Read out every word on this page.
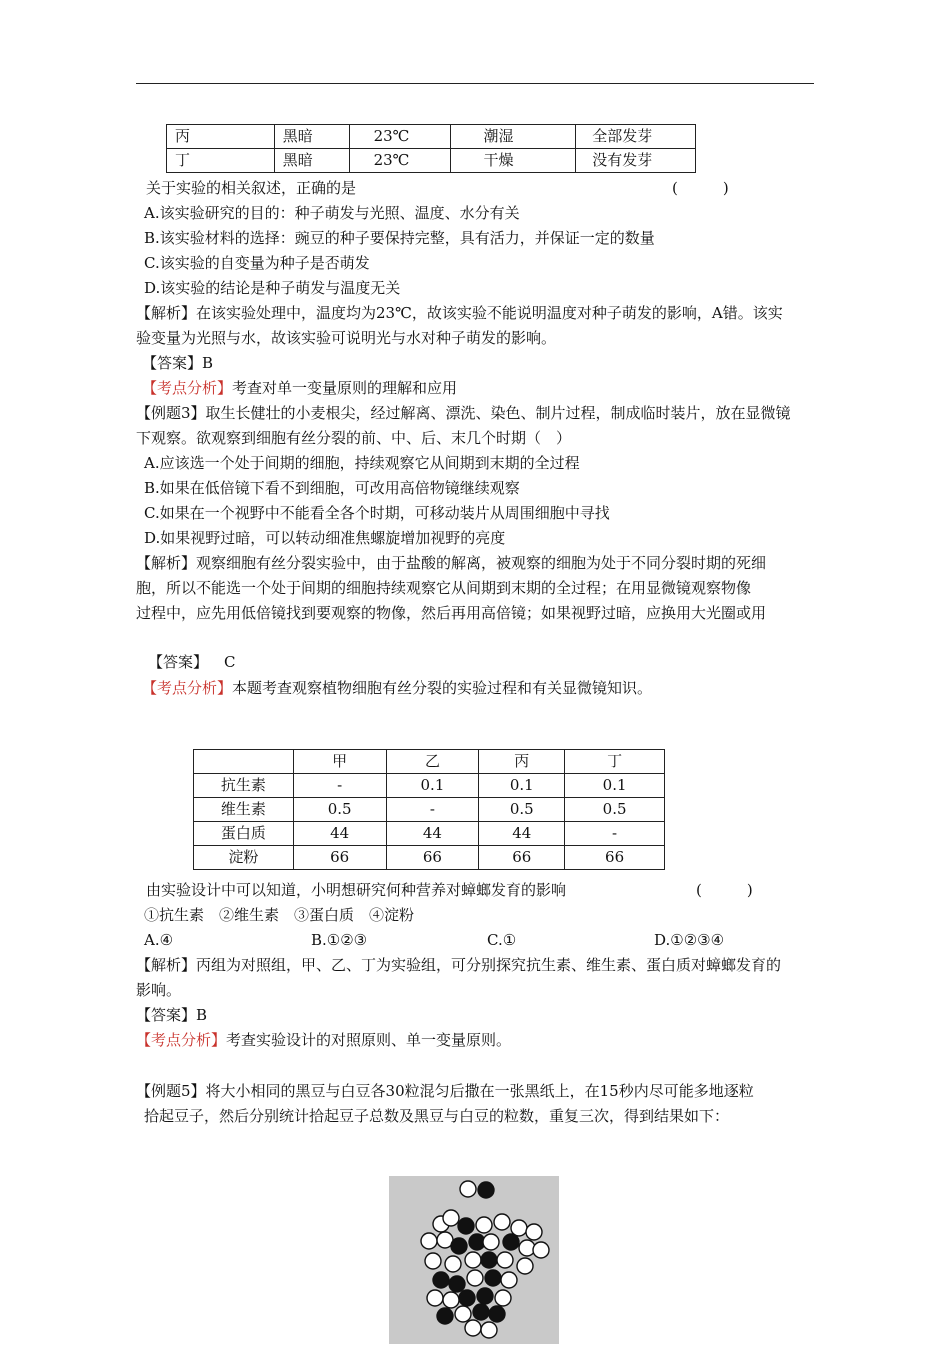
丙	黑暗	23℃	潮湿	全部发芽
丁	黑暗	23℃	干燥	没有发芽
关于实验的相关叙述，正确的是	(　　　)
A.该实验研究的目的：种子萌发与光照、温度、水分有关
B.该实验材料的选择：豌豆的种子要保持完整，具有活力，并保证一定的数量
C.该实验的自变量为种子是否萌发
D.该实验的结论是种子萌发与温度无关
【解析】在该实验处理中，温度均为23℃，故该实验不能说明温度对种子萌发的影响，A错。该实
验变量为光照与水，故该实验可说明光与水对种子萌发的影响。
【答案】B
【考点分析】考查对单一变量原则的理解和应用
【例题3】取生长健壮的小麦根尖，经过解离、漂洗、染色、制片过程，制成临时装片，放在显微镜
下观察。欲观察到细胞有丝分裂的前、中、后、末几个时期（　）
A.应该选一个处于间期的细胞，持续观察它从间期到末期的全过程
B.如果在低倍镜下看不到细胞，可改用高倍物镜继续观察
C.如果在一个视野中不能看全各个时期，可移动装片从周围细胞中寻找
D.如果视野过暗，可以转动细准焦螺旋增加视野的亮度
【解析】观察细胞有丝分裂实验中，由于盐酸的解离，被观察的细胞为处于不同分裂时期的死细
胞，所以不能选一个处于间期的细胞持续观察它从间期到末期的全过程；在用显微镜观察物像
过程中，应先用低倍镜找到要观察的物像，然后再用高倍镜；如果视野过暗，应换用大光圈或用
【答案】 C
【考点分析】本题考查观察植物细胞有丝分裂的实验过程和有关显微镜知识。
	甲	乙	丙	丁
抗生素	-	0.1	0.1	0.1
维生素	0.5	-	0.5	0.5
蛋白质	44	44	44	-
淀粉	66	66	66	66
由实验设计中可以知道，小明想研究何种营养对蟑螂发育的影响	(　　　)
①抗生素　②维生素　③蛋白质　④淀粉
A.④	B.①②③	C.①	D.①②③④
【解析】丙组为对照组，甲、乙、丁为实验组，可分别探究抗生素、维生素、蛋白质对蟑螂发育的
影响。
【答案】B
【考点分析】考查实验设计的对照原则、单一变量原则。
【例题5】将大小相同的黑豆与白豆各30粒混匀后撒在一张黑纸上，在15秒内尽可能多地逐粒
拾起豆子，然后分别统计拾起豆子总数及黑豆与白豆的粒数，重复三次，得到结果如下：
